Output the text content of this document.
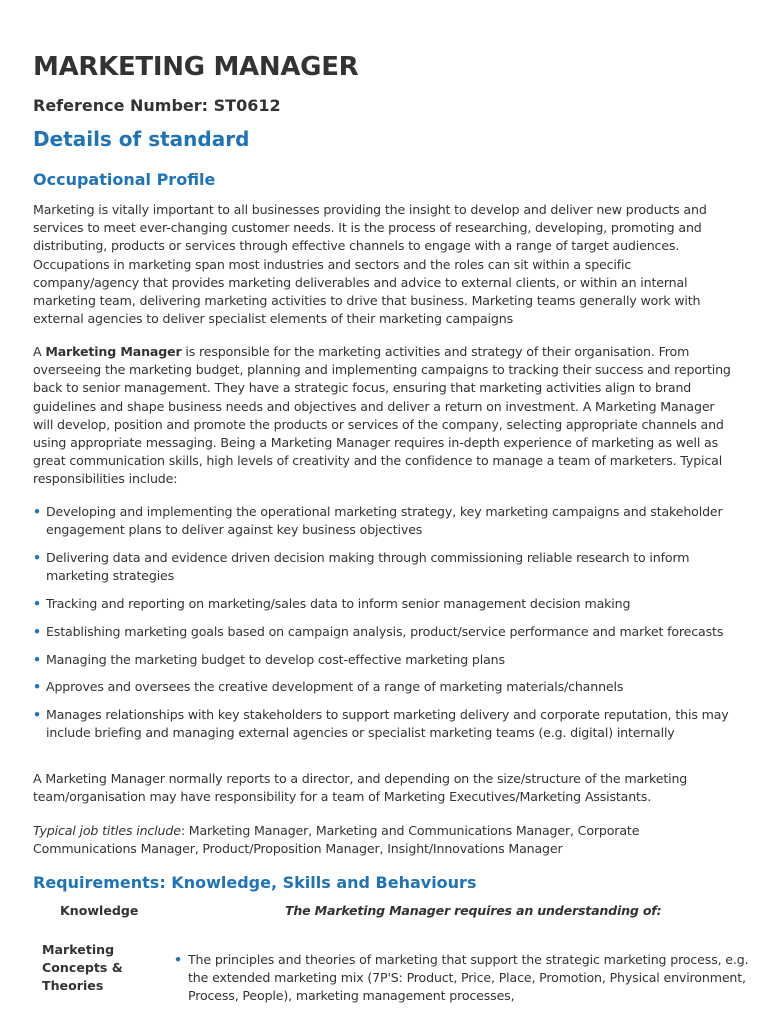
MARKETING MANAGER

Reference Number: ST0612

Details of standard
Occupational Profile

Marketing is vitally important to all businesses providing the insight to develop and deliver new products and services to meet ever-changing customer needs. It is the process of researching, developing, promoting and distributing, products or services through effective channels to engage with a range of target audiences. Occupations in marketing span most industries and sectors and the roles can sit within a specific company/agency that provides marketing deliverables and advice to external clients, or within an internal marketing team, delivering marketing activities to drive that business. Marketing teams generally work with external agencies to deliver specialist elements of their marketing campaigns

A Marketing Manager is responsible for the marketing activities and strategy of their organisation. From overseeing the marketing budget, planning and implementing campaigns to tracking their success and reporting back to senior management. They have a strategic focus, ensuring that marketing activities align to brand guidelines and shape business needs and objectives and deliver a return on investment. A Marketing Manager will develop, position and promote the products or services of the company, selecting appropriate channels and using appropriate messaging. Being a Marketing Manager requires in-depth experience of marketing as well as great communication skills, high levels of creativity and the confidence to manage a team of marketers. Typical responsibilities include:

• Developing and implementing the operational marketing strategy, key marketing campaigns and stakeholder engagement plans to deliver against key business objectives
• Delivering data and evidence driven decision making through commissioning reliable research to inform marketing strategies
• Tracking and reporting on marketing/sales data to inform senior management decision making
• Establishing marketing goals based on campaign analysis, product/service performance and market forecasts
• Managing the marketing budget to develop cost-effective marketing plans
• Approves and oversees the creative development of a range of marketing materials/channels
• Manages relationships with key stakeholders to support marketing delivery and corporate reputation, this may include briefing and managing external agencies or specialist marketing teams (e.g. digital) internally

A Marketing Manager normally reports to a director, and depending on the size/structure of the marketing team/organisation may have responsibility for a team of Marketing Executives/Marketing Assistants.

Typical job titles include: Marketing Manager, Marketing and Communications Manager, Corporate Communications Manager, Product/Proposition Manager, Insight/Innovations Manager

Requirements: Knowledge, Skills and Behaviours
Knowledge	The Marketing Manager requires an understanding of:
Marketing Concepts & Theories
• The principles and theories of marketing that support the strategic marketing process, e.g. the extended marketing mix (7P'S: Product, Price, Place, Promotion, Physical environment, Process, People), marketing management processes,
